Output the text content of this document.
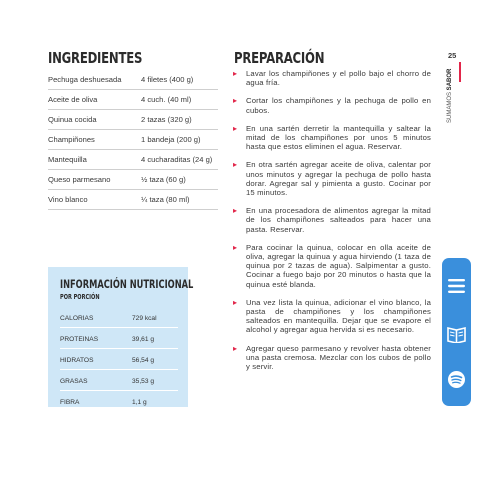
INGREDIENTES
Pechuga deshuesada	4 filetes (400 g)
Aceite de oliva	4 cuch. (40 ml)
Quinua cocida	2 tazas (320 g)
Champiñones	1 bandeja (200 g)
Mantequilla	4 cucharaditas (24 g)
Queso parmesano	½ taza (60 g)
Vino blanco	¼ taza (80 ml)
INFORMACIÓN NUTRICIONAL
POR PORCIÓN
CALORIAS	729 kcal
PROTEINAS	39,61 g
HIDRATOS	56,54 g
GRASAS	35,53 g
FIBRA	1,1 g
PREPARACIÓN
▸ Lavar los champiñones y el pollo bajo el chorro de agua fría.
▸ Cortar los champiñones y la pechuga de pollo en cubos.
▸ En una sartén derretir la mantequilla y saltear la mitad de los champiñones por unos 5 minutos hasta que estos eliminen el agua. Reservar.
▸ En otra sartén agregar aceite de oliva, calentar por unos minutos y agregar la pechuga de pollo hasta dorar. Agregar sal y pimienta a gusto. Cocinar por 15 minutos.
▸ En una procesadora de alimentos agregar la mitad de los champiñones salteados para hacer una pasta. Reservar.
▸ Para cocinar la quinua, colocar en olla aceite de oliva, agregar la quinua y agua hirviendo (1 taza de quinua por 2 tazas de agua). Salpimentar a gusto. Cocinar a fuego bajo por 20 minutos o hasta que la quinua esté blanda.
▸ Una vez lista la quinua, adicionar el vino blanco, la pasta de champiñones y los champiñones salteados en mantequilla. Dejar que se evapore el alcohol y agregar agua hervida si es necesario.
▸ Agregar queso parmesano y revolver hasta obtener una pasta cremosa. Mezclar con los cubos de pollo y servir.
25
SUMAMOS SABOR
